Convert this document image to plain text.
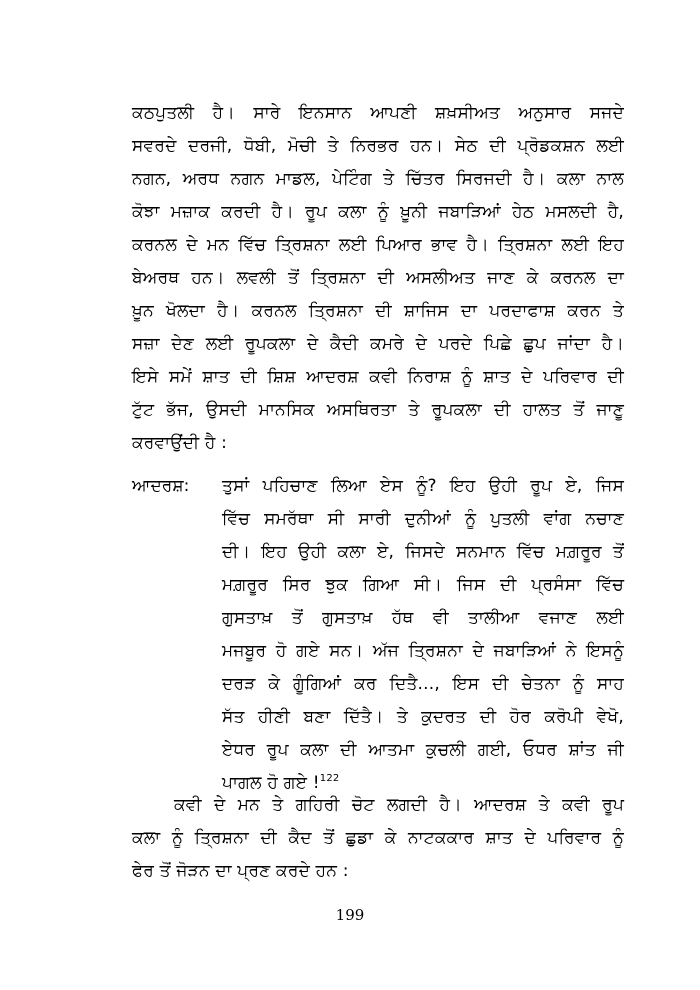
ਕਠਪੁਤਲੀ ਹੈ। ਸਾਰੇ ਇਨਸਾਨ ਆਪਣੀ ਸ਼ਖ਼ਸੀਅਤ ਅਨੁਸਾਰ ਸਜਦੇ
ਸਵਰਦੇ ਦਰਜੀ, ਧੋਬੀ, ਮੋਚੀ ਤੇ ਨਿਰਭਰ ਹਨ। ਸੇਠ ਦੀ ਪ੍ਰੋਡਕਸ਼ਨ ਲਈ
ਨਗਨ, ਅਰਧ ਨਗਨ ਮਾਡਲ, ਪੇਟਿੰਗ ਤੇ ਚਿੱਤਰ ਸਿਰਜਦੀ ਹੈ। ਕਲਾ ਨਾਲ
ਕੋਝਾ ਮਜ਼ਾਕ ਕਰਦੀ ਹੈ। ਰੂਪ ਕਲਾ ਨੂੰ ਖ਼ੂਨੀ ਜਬਾੜਿਆਂ ਹੇਠ ਮਸਲਦੀ ਹੈ,
ਕਰਨਲ ਦੇ ਮਨ ਵਿੱਚ ਤ੍ਰਿਸ਼ਨਾ ਲਈ ਪਿਆਰ ਭਾਵ ਹੈ। ਤ੍ਰਿਸ਼ਨਾ ਲਈ ਇਹ
ਬੇਅਰਥ ਹਨ। ਲਵਲੀ ਤੋਂ ਤ੍ਰਿਸ਼ਨਾ ਦੀ ਅਸਲੀਅਤ ਜਾਣ ਕੇ ਕਰਨਲ ਦਾ
ਖ਼ੂਨ ਖੋਲਦਾ ਹੈ। ਕਰਨਲ ਤ੍ਰਿਸ਼ਨਾ ਦੀ ਸ਼ਾਜਿਸ ਦਾ ਪਰਦਾਫਾਸ਼ ਕਰਨ ਤੇ
ਸਜ਼ਾ ਦੇਣ ਲਈ ਰੂਪਕਲਾ ਦੇ ਕੈਦੀ ਕਮਰੇ ਦੇ ਪਰਦੇ ਪਿਛੇ ਛੁਪ ਜਾਂਦਾ ਹੈ।
ਇਸੇ ਸਮੇਂ ਸ਼ਾਤ ਦੀ ਸ਼ਿਸ਼ ਆਦਰਸ਼ ਕਵੀ ਨਿਰਾਸ਼ ਨੂੰ ਸ਼ਾਤ ਦੇ ਪਰਿਵਾਰ ਦੀ
ਟੁੱਟ ਭੱਜ, ਉਸਦੀ ਮਾਨਸਿਕ ਅਸਥਿਰਤਾ ਤੇ ਰੂਪਕਲਾ ਦੀ ਹਾਲਤ ਤੋਂ ਜਾਣੂ
ਕਰਵਾਉਂਦੀ ਹੈ :
ਆਦਰਸ਼: ਤੁਸਾਂ ਪਹਿਚਾਣ ਲਿਆ ਏਸ ਨੂੰ? ਇਹ ਉਹੀ ਰੂਪ ਏ, ਜਿਸ
ਵਿੱਚ ਸਮਰੱਥਾ ਸੀ ਸਾਰੀ ਦੁਨੀਆਂ ਨੂੰ ਪੁਤਲੀ ਵਾਂਗ ਨਚਾਣ
ਦੀ। ਇਹ ਉਹੀ ਕਲਾ ਏ, ਜਿਸਦੇ ਸਨਮਾਨ ਵਿੱਚ ਮਗ਼ਰੂਰ ਤੋਂ
ਮਗ਼ਰੂਰ ਸਿਰ ਝੁਕ ਗਿਆ ਸੀ। ਜਿਸ ਦੀ ਪ੍ਰਸੰਸਾ ਵਿੱਚ
ਗੁਸਤਾਖ਼ ਤੋਂ ਗੁਸਤਾਖ਼ ਹੱਥ ਵੀ ਤਾਲੀਆ ਵਜਾਣ ਲਈ
ਮਜਬੂਰ ਹੋ ਗਏ ਸਨ। ਅੱਜ ਤ੍ਰਿਸ਼ਨਾ ਦੇ ਜਬਾੜਿਆਂ ਨੇ ਇਸਨੂੰ
ਦਰੜ ਕੇ ਗੂੰਗਿਆਂ ਕਰ ਦਿਤੈ..., ਇਸ ਦੀ ਚੇਤਨਾ ਨੂੰ ਸਾਹ
ਸੱਤ ਹੀਣੀ ਬਣਾ ਦਿੱਤੈ। ਤੇ ਕੁਦਰਤ ਦੀ ਹੋਰ ਕਰੋਪੀ ਵੇਖੋ,
ਏਧਰ ਰੂਪ ਕਲਾ ਦੀ ਆਤਮਾ ਕੁਚਲੀ ਗਈ, ਓਧਰ ਸ਼ਾਂਤ ਜੀ
ਪਾਗਲ ਹੋ ਗਏ !$^{122}$
ਕਵੀ ਦੇ ਮਨ ਤੇ ਗਹਿਰੀ ਚੋਟ ਲਗਦੀ ਹੈ। ਆਦਰਸ਼ ਤੇ ਕਵੀ ਰੂਪ
ਕਲਾ ਨੂੰ ਤ੍ਰਿਸ਼ਨਾ ਦੀ ਕੈਦ ਤੋਂ ਛੁਡਾ ਕੇ ਨਾਟਕਕਾਰ ਸ਼ਾਤ ਦੇ ਪਰਿਵਾਰ ਨੂੰ
ਫੇਰ ਤੋਂ ਜੋੜਨ ਦਾ ਪ੍ਰਣ ਕਰਦੇ ਹਨ :
199
